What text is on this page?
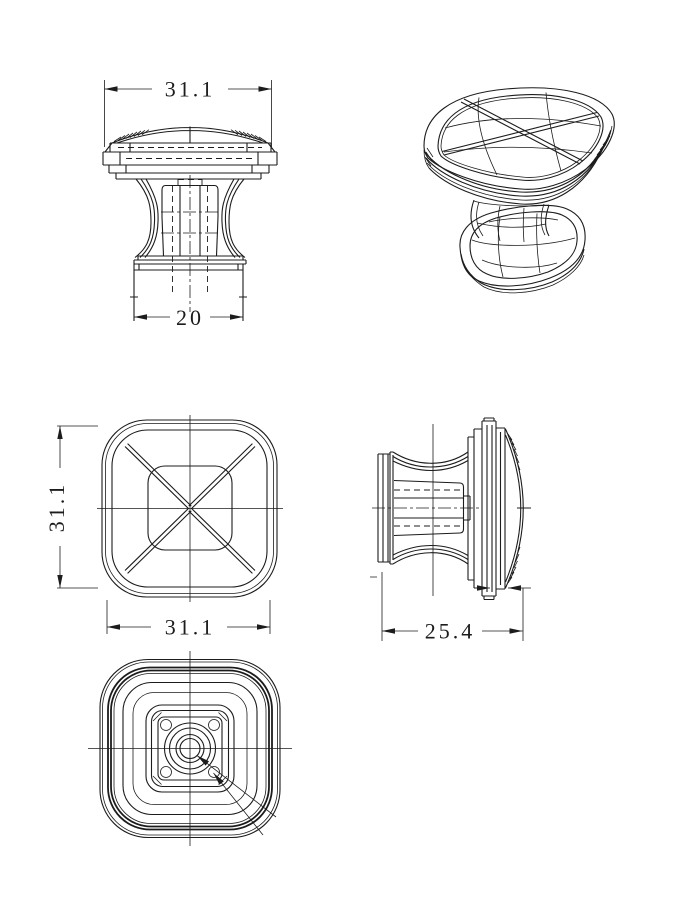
31.1
20
31.1
31.1	25.4
